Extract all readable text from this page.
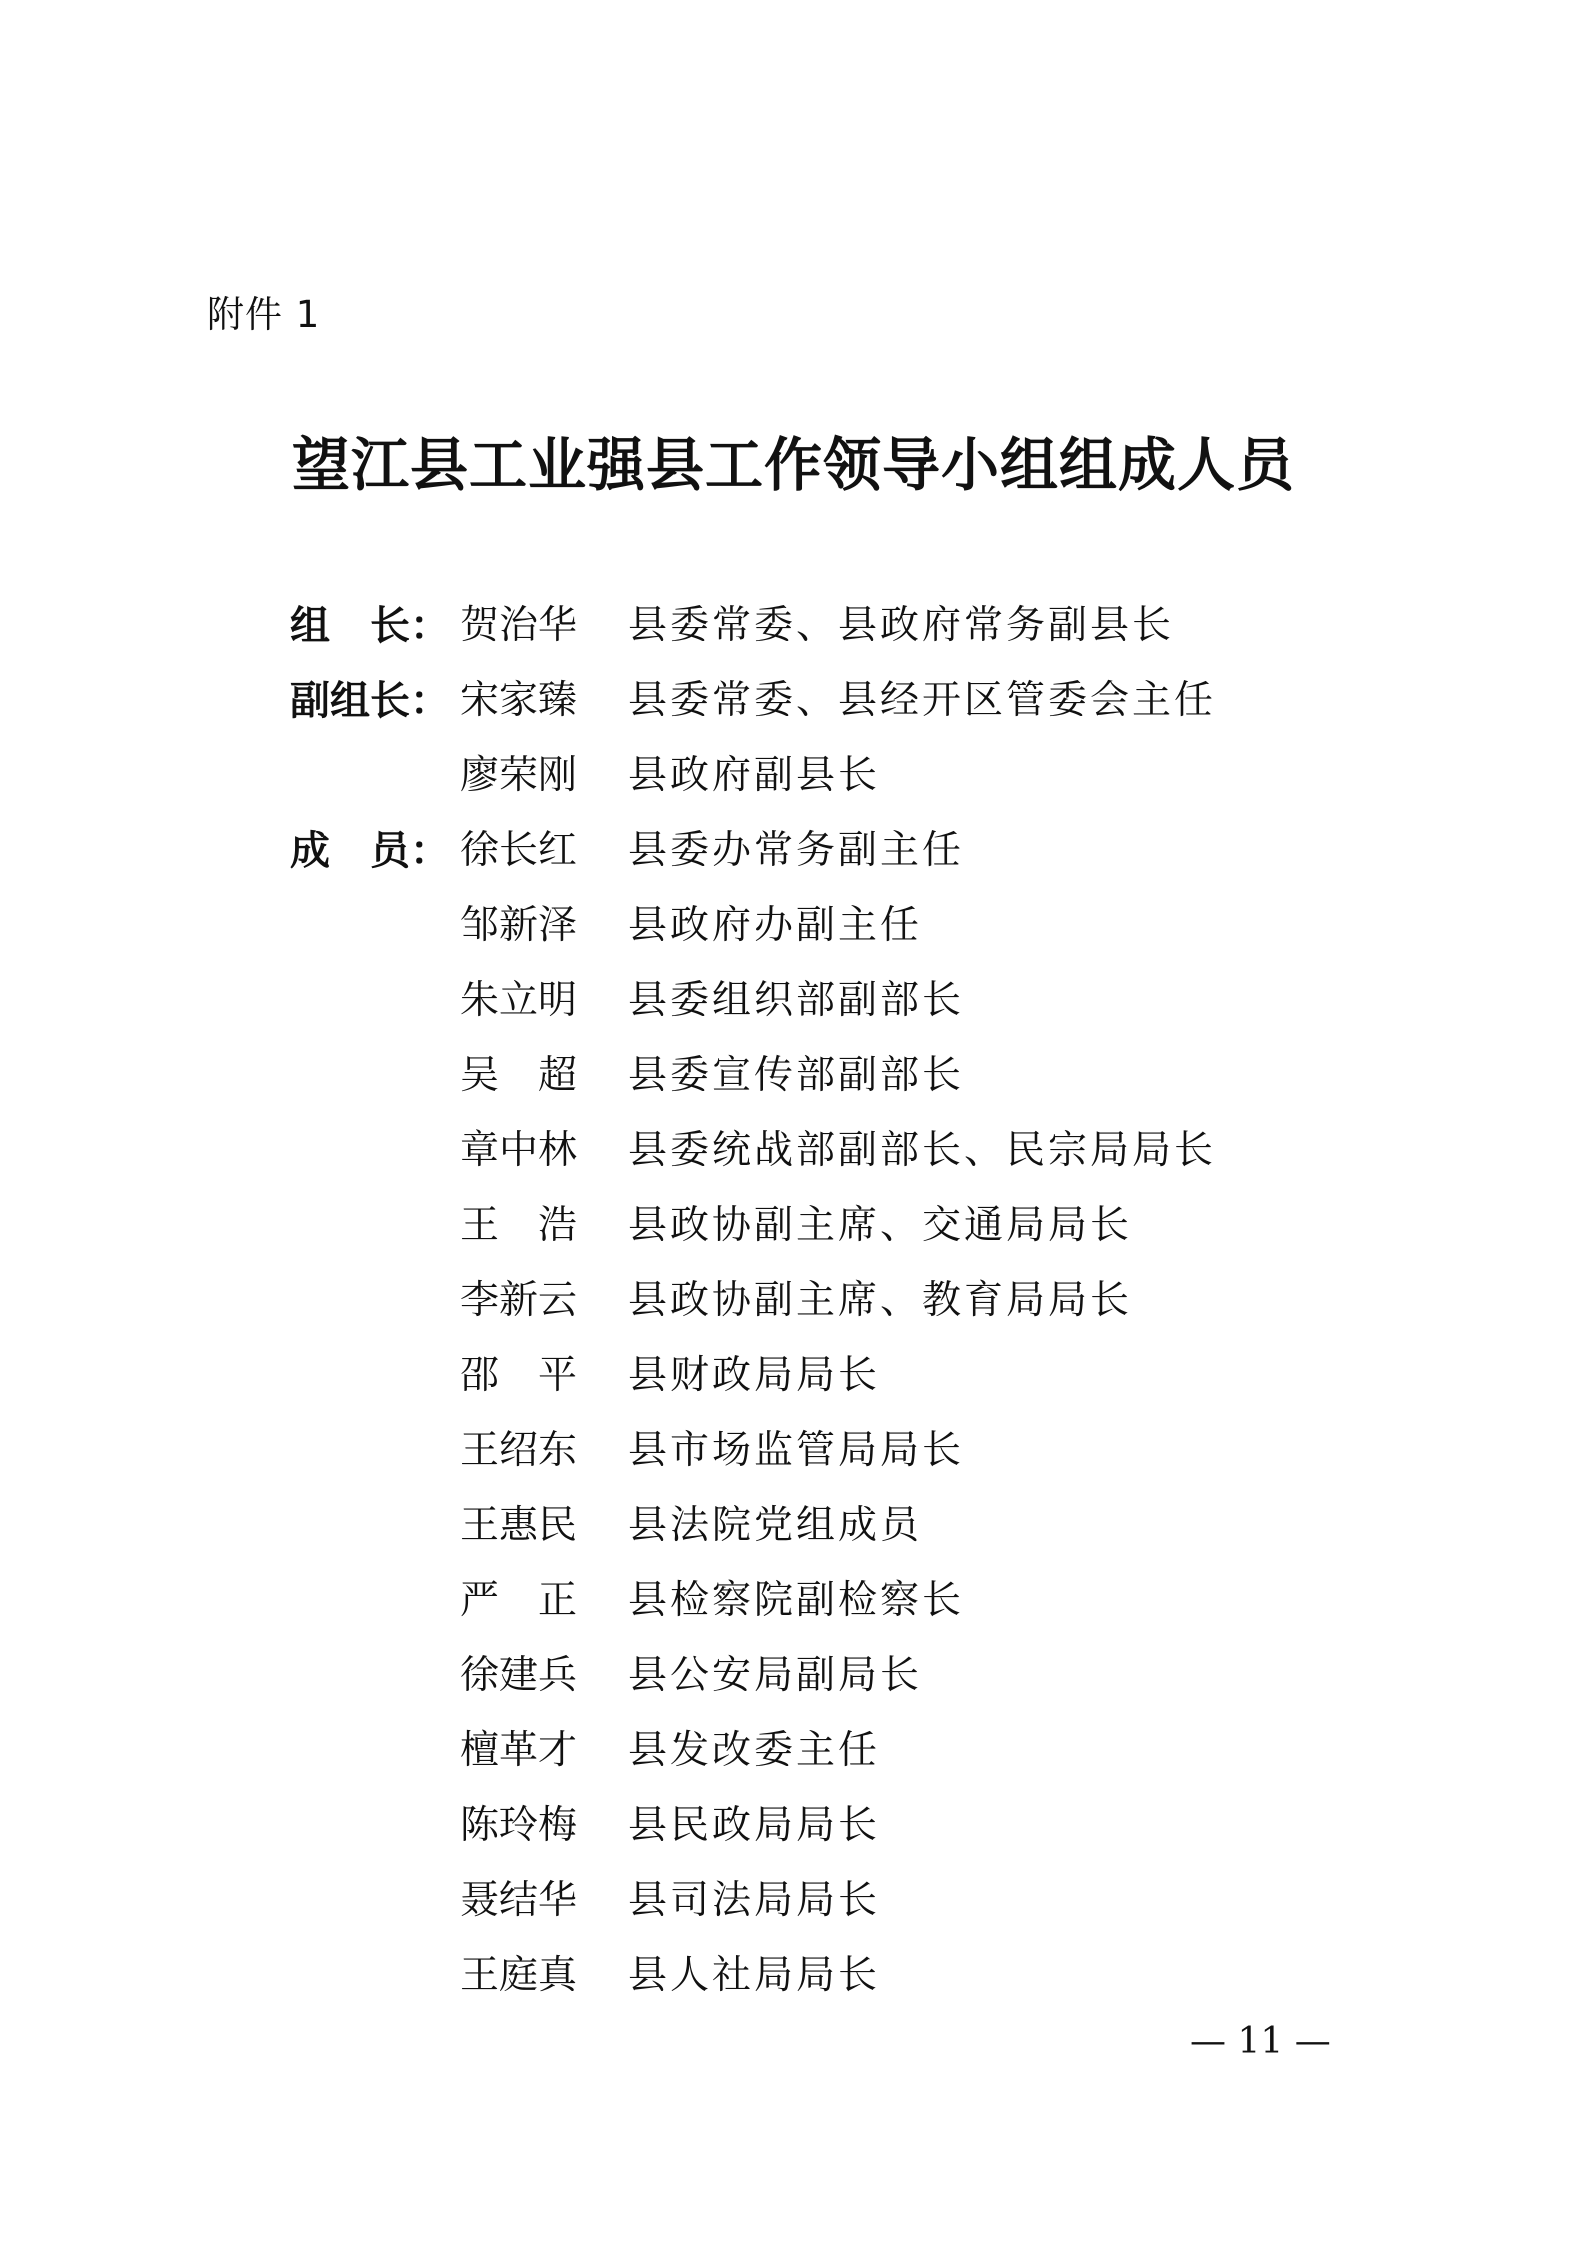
附件 1
望江县工业强县工作领导小组组成人员
组　长： 贺治华	县委常委、县政府常务副县长
副组长： 宋家臻	县委常委、县经开区管委会主任
廖荣刚	县政府副县长
成　员： 徐长红	县委办常务副主任
邹新泽	县政府办副主任
朱立明	县委组织部副部长
吴　超	县委宣传部副部长
章中林	县委统战部副部长、民宗局局长
王　浩	县政协副主席、交通局局长
李新云	县政协副主席、教育局局长
邵　平	县财政局局长
王绍东	县市场监管局局长
王惠民	县法院党组成员
严　正	县检察院副检察长
徐建兵	县公安局副局长
檀革才	县发改委主任
陈玲梅	县民政局局长
聂结华	县司法局局长
王庭真	县人社局局长
— 11 —
